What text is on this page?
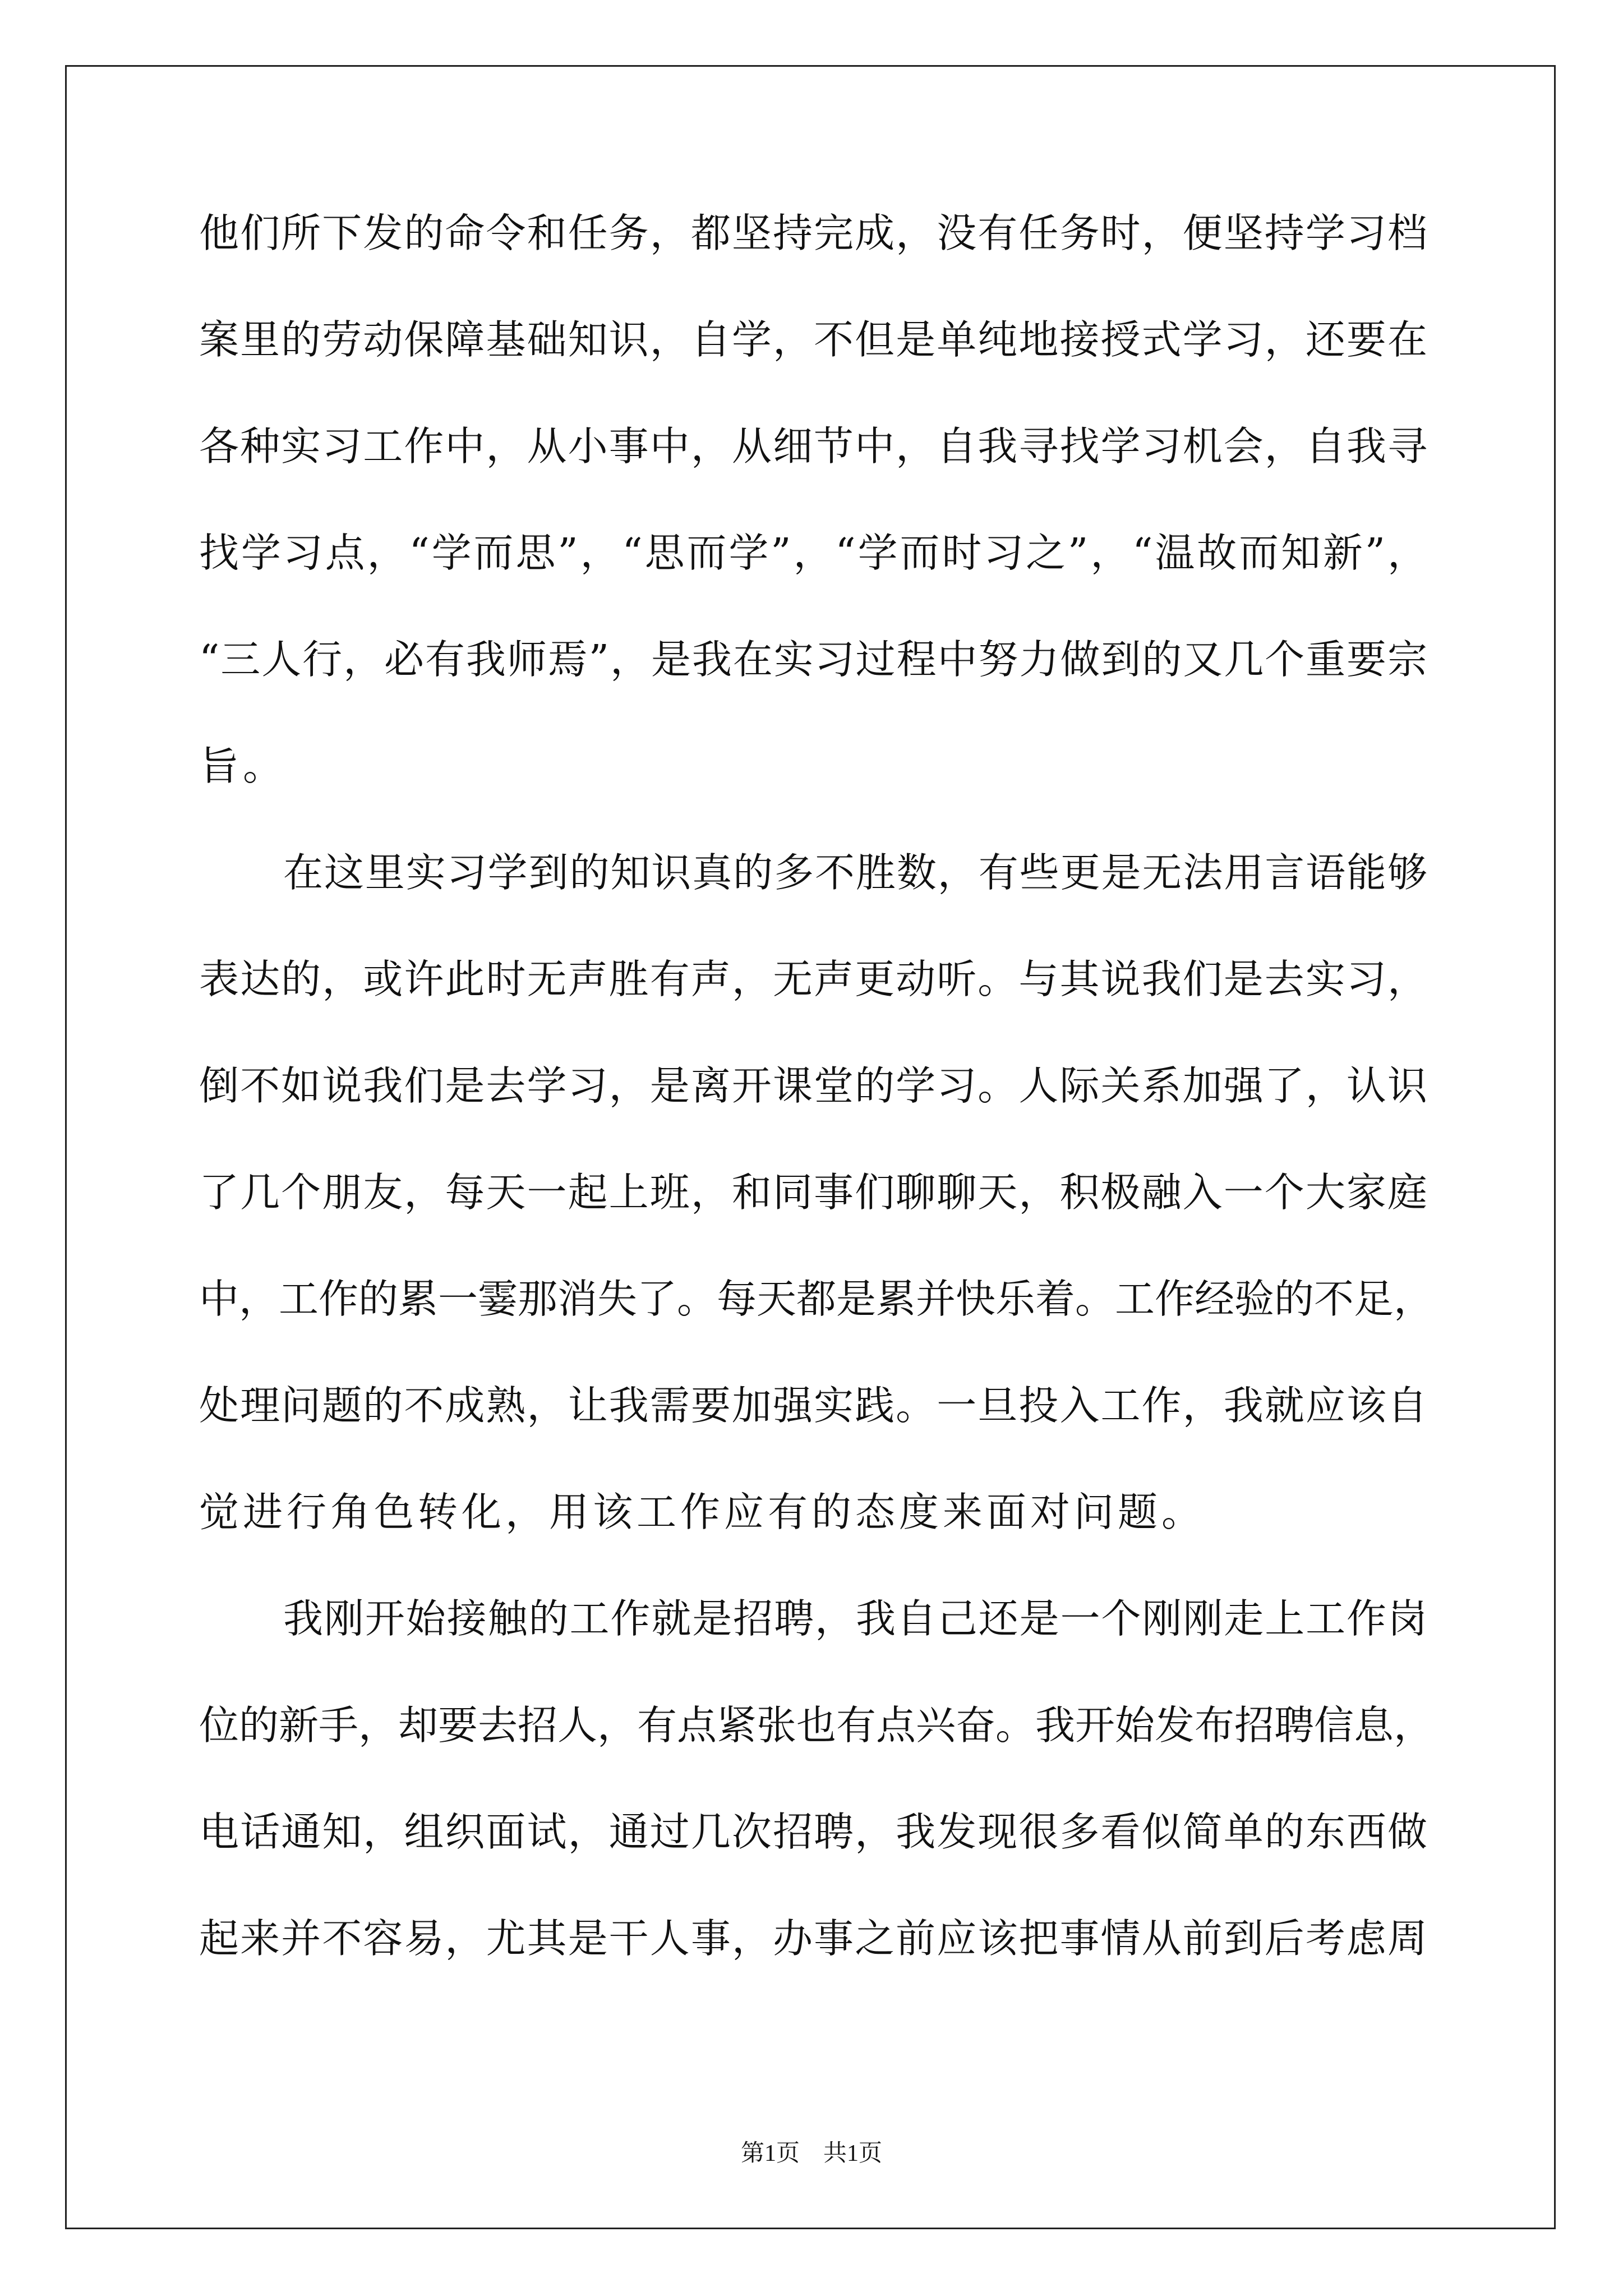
他们所下发的命令和任务，都坚持完成，没有任务时，便坚持学习档
案里的劳动保障基础知识，自学，不但是单纯地接授式学习，还要在
各种实习工作中，从小事中，从细节中，自我寻找学习机会，自我寻
找学习点，“学而思”，“思而学”，“学而时习之”，“温故而知新”，
“三人行，必有我师焉”，是我在实习过程中努力做到的又几个重要宗
旨。
在这里实习学到的知识真的多不胜数，有些更是无法用言语能够
表达的，或许此时无声胜有声，无声更动听。与其说我们是去实习，
倒不如说我们是去学习，是离开课堂的学习。人际关系加强了，认识
了几个朋友，每天一起上班，和同事们聊聊天，积极融入一个大家庭
中，工作的累一霎那消失了。每天都是累并快乐着。工作经验的不足，
处理问题的不成熟，让我需要加强实践。一旦投入工作，我就应该自
觉进行角色转化，用该工作应有的态度来面对问题。
我刚开始接触的工作就是招聘，我自己还是一个刚刚走上工作岗
位的新手，却要去招人，有点紧张也有点兴奋。我开始发布招聘信息，
电话通知，组织面试，通过几次招聘，我发现很多看似简单的东西做
起来并不容易，尤其是干人事，办事之前应该把事情从前到后考虑周
第1页　共1页
